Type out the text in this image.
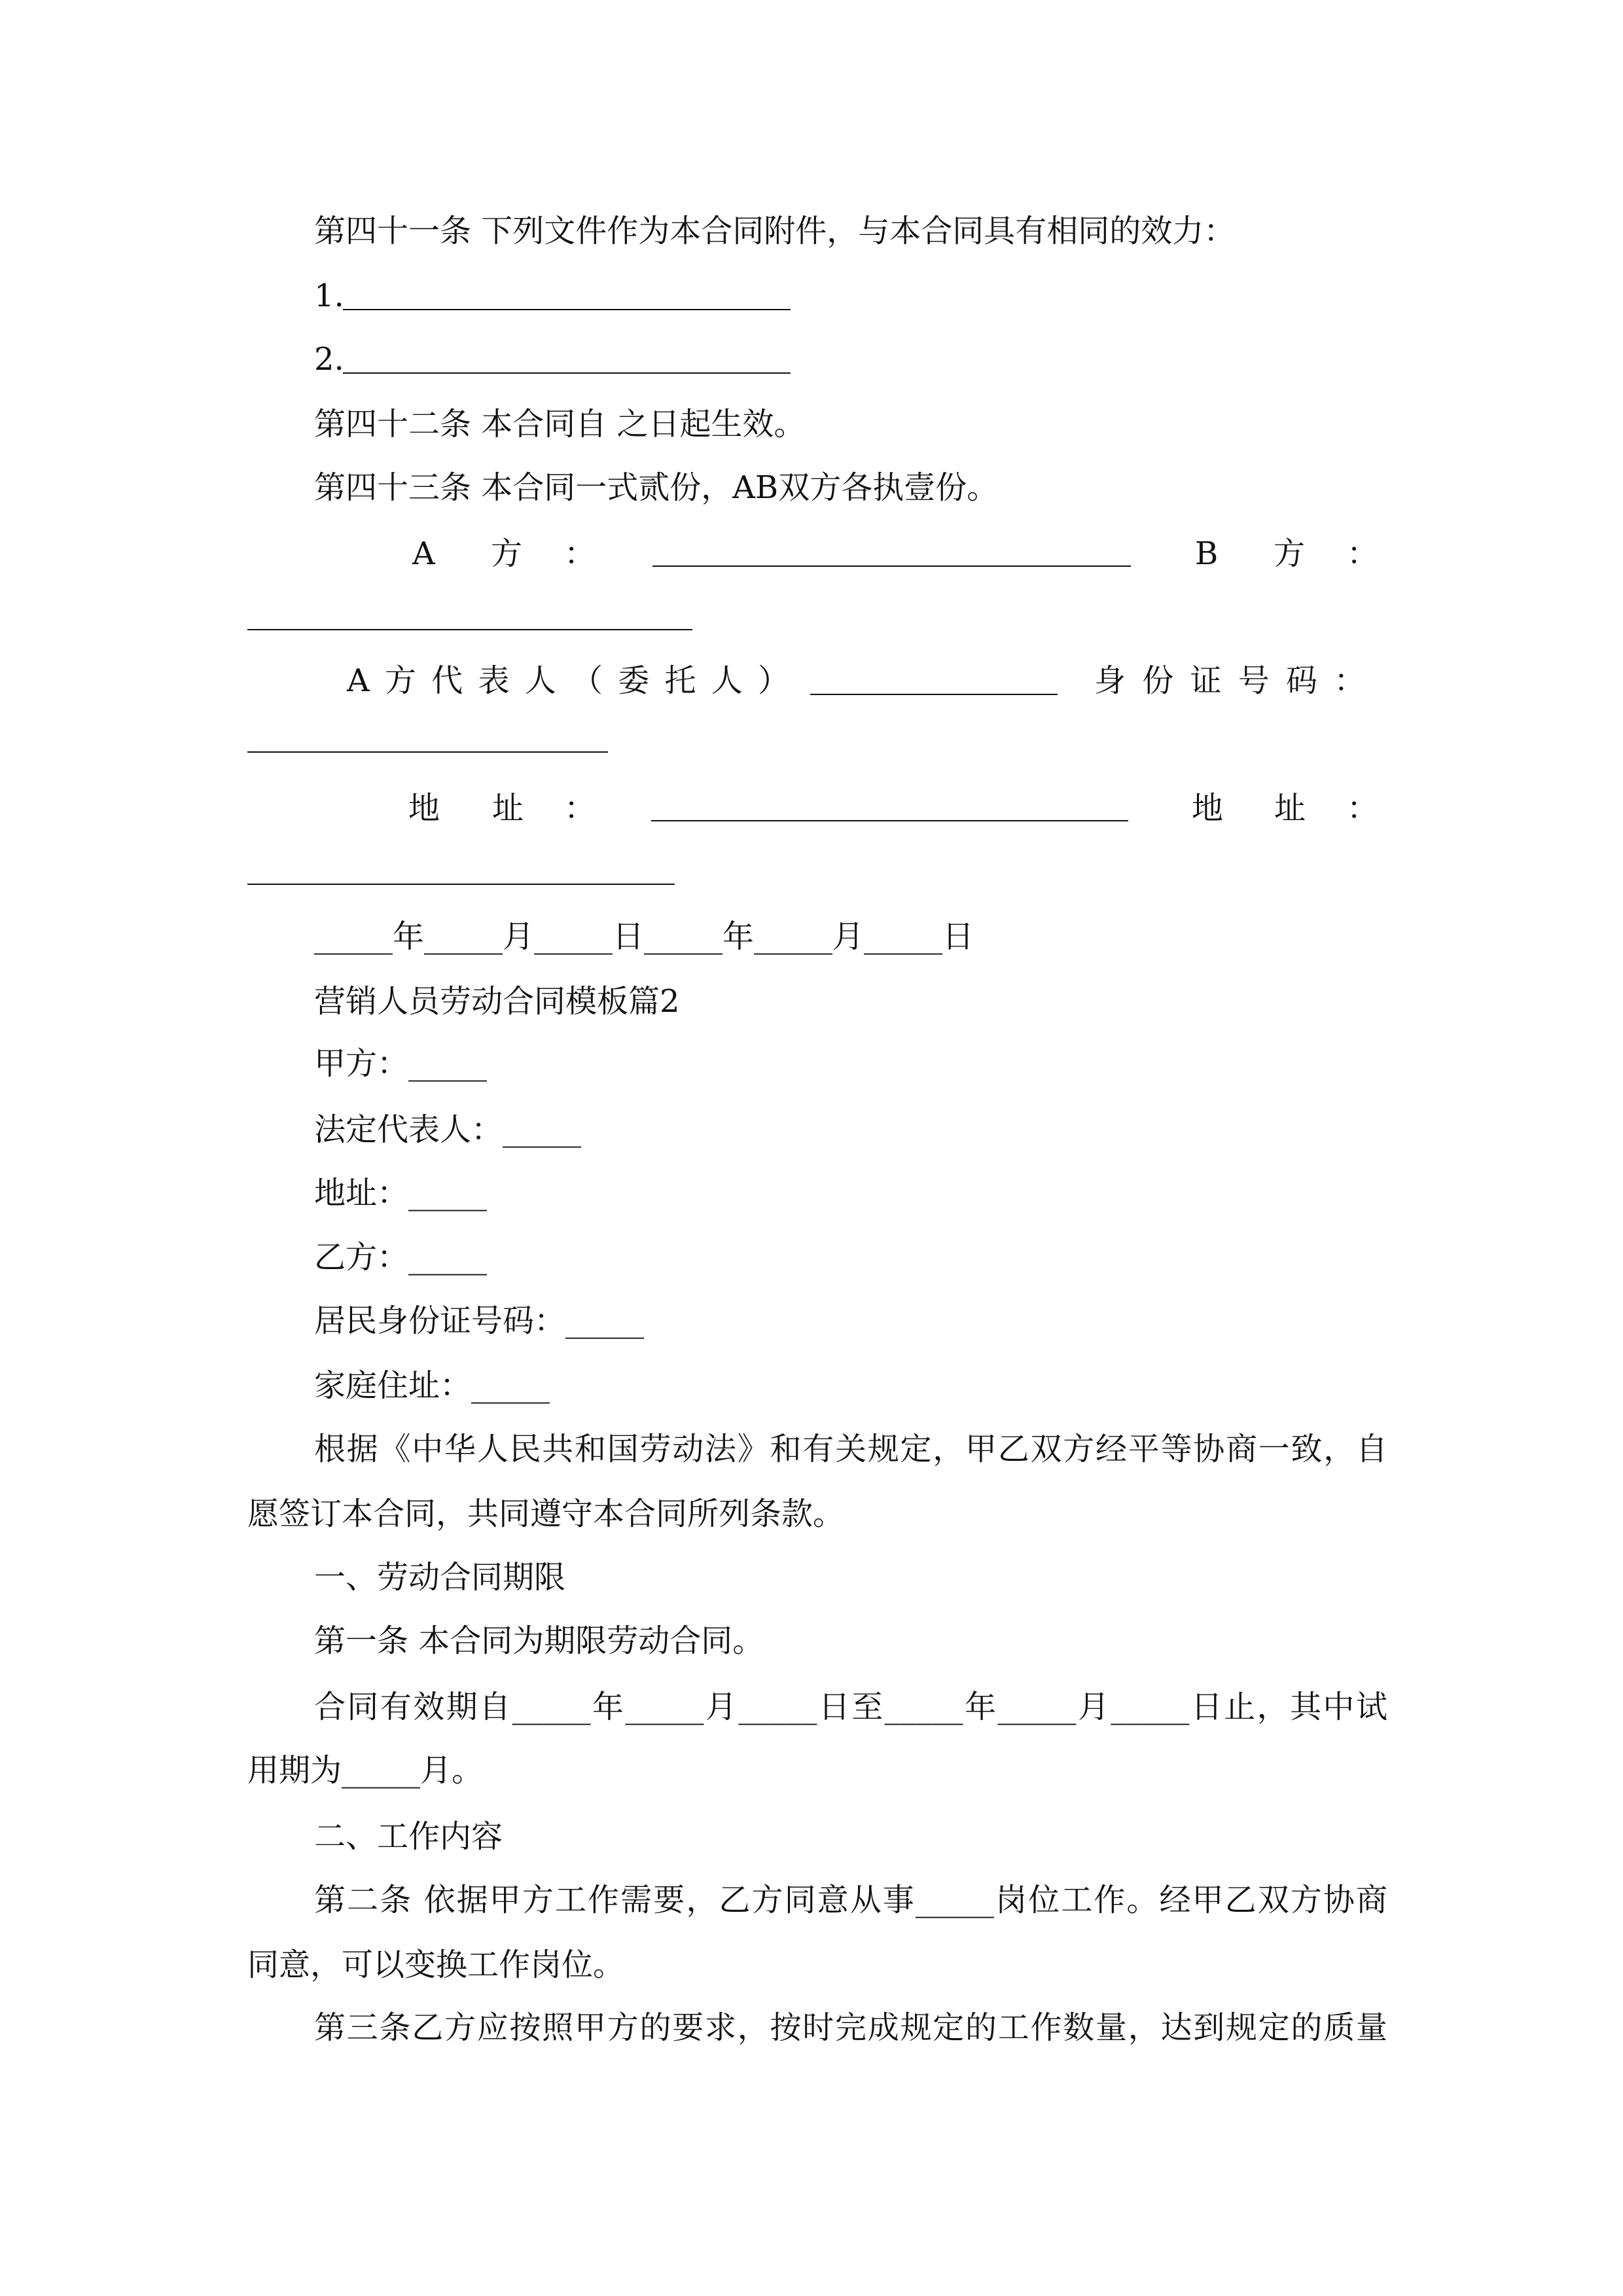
第四十一条 下列文件作为本合同附件，与本合同具有相同的效力：
1.
2.
第四十二条 本合同自 之日起生效。
第四十三条 本合同一式贰份，AB双方各执壹份。
A 方 ：	B 方 ：
A 方 代 表 人 （ 委 托 人 ）	身 份 证 号 码 ：
地 址 ：	地 址 ：
_____年_____月_____日_____年_____月_____日
营销人员劳动合同模板篇2
甲方：_____
法定代表人：_____
地址：_____
乙方：_____
居民身份证号码：_____
家庭住址：_____
根据《中华人民共和国劳动法》和有关规定，甲乙双方经平等协商一致，自
愿签订本合同，共同遵守本合同所列条款。
一、劳动合同期限
第一条 本合同为期限劳动合同。
合同有效期自_____年_____月_____日至_____年_____月_____日止，其中试
用期为_____月。
二、工作内容
第二条 依据甲方工作需要，乙方同意从事_____岗位工作。经甲乙双方协商
同意，可以变换工作岗位。
第三条乙方应按照甲方的要求，按时完成规定的工作数量，达到规定的质量
